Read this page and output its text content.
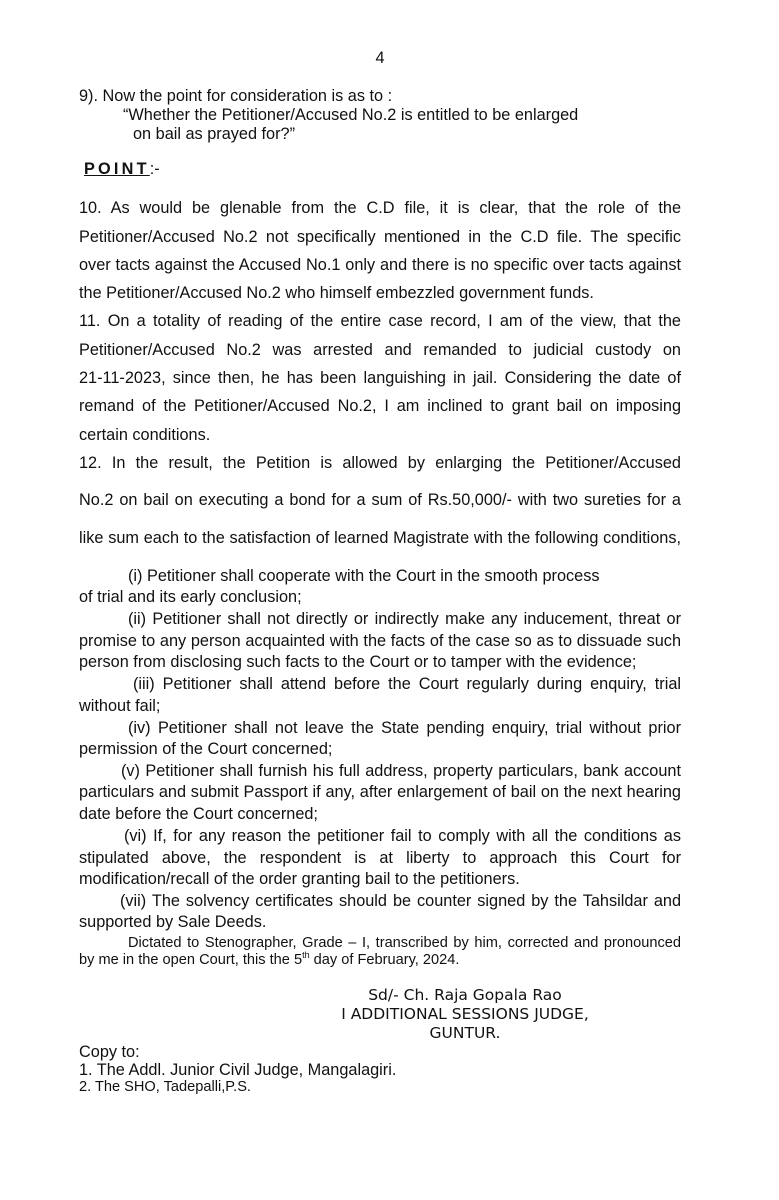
4
9). Now the point for consideration is as to :
“Whether the Petitioner/Accused No.2 is entitled to be enlarged
on bail as prayed for?”
POINT:-
10. As would be glenable from the C.D file, it is clear, that the role of the
Petitioner/Accused No.2 not specifically mentioned in the C.D file. The specific
over tacts against the Accused No.1 only and there is no specific over tacts against
the Petitioner/Accused No.2 who himself embezzled government funds.
11. On a totality of reading of the entire case record, I am of the view, that the
Petitioner/Accused No.2 was arrested and remanded to judicial custody on
21-11-2023, since then, he has been languishing in jail. Considering the date of
remand of the Petitioner/Accused No.2, I am inclined to grant bail on imposing
certain conditions.
12. In the result, the Petition is allowed by enlarging the Petitioner/Accused
No.2 on bail on executing a bond for a sum of Rs.50,000/- with two sureties for a
like sum each to the satisfaction of learned Magistrate with the following conditions,
(i) Petitioner shall cooperate with the Court in the smooth process
of trial and its early conclusion;
(ii) Petitioner shall not directly or indirectly make any inducement, threat or
promise to any person acquainted with the facts of the case so as to dissuade such
person from disclosing such facts to the Court or to tamper with the evidence;
(iii) Petitioner shall attend before the Court regularly during enquiry, trial
without fail;
(iv) Petitioner shall not leave the State pending enquiry, trial without prior
permission of the Court concerned;
(v) Petitioner shall furnish his full address, property particulars, bank account
particulars and submit Passport if any, after enlargement of bail on the next hearing
date before the Court concerned;
(vi) If, for any reason the petitioner fail to comply with all the conditions as
stipulated above, the respondent is at liberty to approach this Court for
modification/recall of the order granting bail to the petitioners.
(vii) The solvency certificates should be counter signed by the Tahsildar and
supported by Sale Deeds.
Dictated to Stenographer, Grade – I, transcribed by him, corrected and pronounced
by me in the open Court, this the 5th day of February, 2024.
Sd/- Ch. Raja Gopala Rao
I ADDITIONAL SESSIONS JUDGE,
GUNTUR.
Copy to:
1. The Addl. Junior Civil Judge, Mangalagiri.
2. The SHO, Tadepalli,P.S.
